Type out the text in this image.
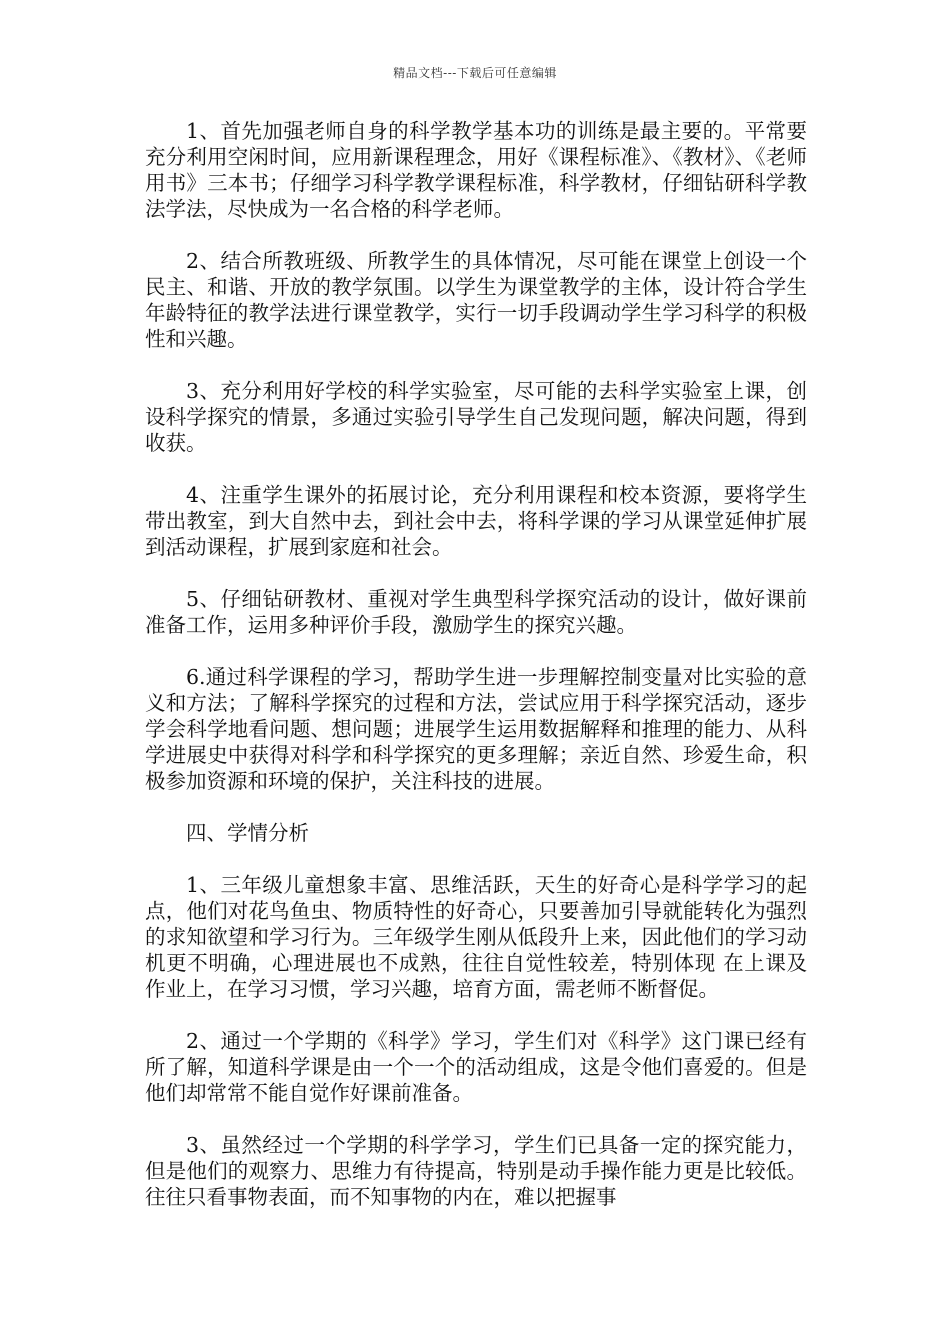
精品文档---下载后可任意编辑

1、首先加强老师自身的科学教学基本功的训练是最主要的。平常要充分利用空闲时间，应用新课程理念，用好《课程标准》、《教材》、《老师用书》三本书；仔细学习科学教学课程标准，科学教材，仔细钻研科学教法学法，尽快成为一名合格的科学老师。

2、结合所教班级、所教学生的具体情况，尽可能在课堂上创设一个民主、和谐、开放的教学氛围。以学生为课堂教学的主体，设计符合学生年龄特征的教学法进行课堂教学，实行一切手段调动学生学习科学的积极性和兴趣。

3、充分利用好学校的科学实验室，尽可能的去科学实验室上课，创设科学探究的情景，多通过实验引导学生自己发现问题，解决问题，得到收获。

4、注重学生课外的拓展讨论，充分利用课程和校本资源，要将学生带出教室，到大自然中去，到社会中去，将科学课的学习从课堂延伸扩展到活动课程，扩展到家庭和社会。

5、仔细钻研教材、重视对学生典型科学探究活动的设计，做好课前准备工作，运用多种评价手段，激励学生的探究兴趣。

6.通过科学课程的学习，帮助学生进一步理解控制变量对比实验的意义和方法；了解科学探究的过程和方法，尝试应用于科学探究活动，逐步学会科学地看问题、想问题；进展学生运用数据解释和推理的能力、从科学进展史中获得对科学和科学探究的更多理解；亲近自然、珍爱生命，积极参加资源和环境的保护，关注科技的进展。

四、学情分析

1、三年级儿童想象丰富、思维活跃，天生的好奇心是科学学习的起点，他们对花鸟鱼虫、物质特性的好奇心，只要善加引导就能转化为强烈的求知欲望和学习行为。三年级学生刚从低段升上来，因此他们的学习动机更不明确，心理进展也不成熟，往往自觉性较差，特别体现 在上课及作业上，在学习习惯，学习兴趣，培育方面，需老师不断督促。

2、通过一个学期的《科学》学习，学生们对《科学》这门课已经有所了解，知道科学课是由一个一个的活动组成，这是令他们喜爱的。但是他们却常常不能自觉作好课前准备。

3、虽然经过一个学期的科学学习，学生们已具备一定的探究能力，但是他们的观察力、思维力有待提高，特别是动手操作能力更是比较低。往往只看事物表面，而不知事物的内在，难以把握事
